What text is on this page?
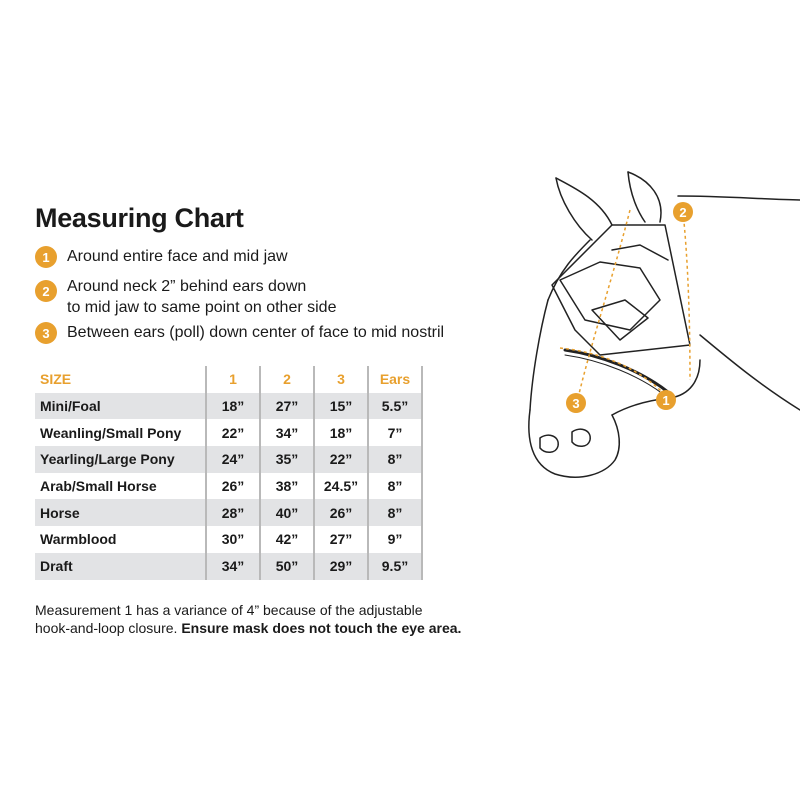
Measuring Chart
1	Around entire face and mid jaw
2	Around neck 2” behind ears down
to mid jaw to same point on other side
3	Between ears (poll) down center of face to mid nostril
SIZE	1	2	3	Ears
Mini/Foal	18”	27”	15”	5.5”
Weanling/Small Pony	22”	34”	18”	7”
Yearling/Large Pony	24”	35”	22”	8”
Arab/Small Horse	26”	38”	24.5”	8”
Horse	28”	40”	26”	8”
Warmblood	30”	42”	27”	9”
Draft	34”	50”	29”	9.5”
Measurement 1 has a variance of 4” because of the adjustable
hook-and-loop closure. Ensure mask does not touch the eye area.
2
1
3
